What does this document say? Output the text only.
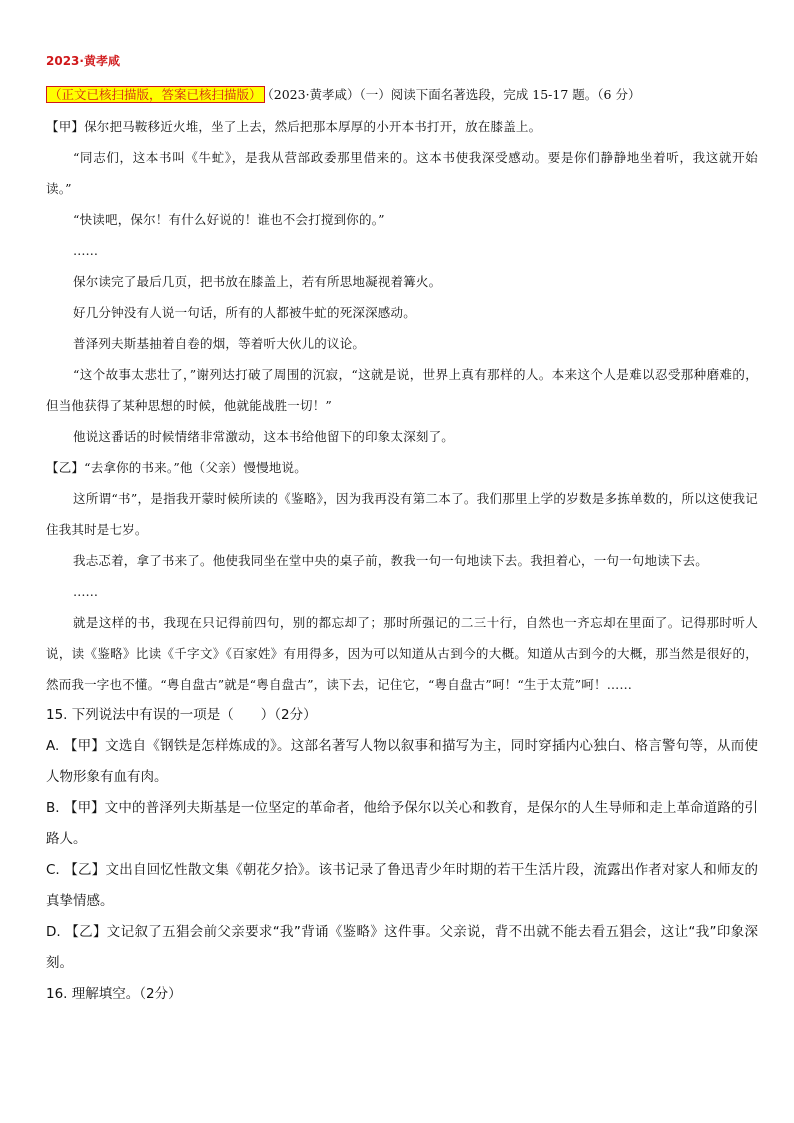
2023·黄孝咸

（正文已核扫描版，答案已核扫描版） （2023·黄孝咸）（一）阅读下面名著选段，完成 15-17 题。（6 分）

【甲】保尔把马鞍移近火堆，坐了上去，然后把那本厚厚的小开本书打开，放在膝盖上。

“同志们，这本书叫《牛虻》，是我从营部政委那里借来的。这本书使我深受感动。要是你们静静地坐着听，我这就开始读。”

“快读吧，保尔！有什么好说的！谁也不会打搅到你的。”

……

保尔读完了最后几页，把书放在膝盖上，若有所思地凝视着篝火。

好几分钟没有人说一句话，所有的人都被牛虻的死深深感动。

普泽列夫斯基抽着自卷的烟，等着听大伙儿的议论。

“这个故事太悲壮了，”谢列达打破了周围的沉寂，“这就是说，世界上真有那样的人。本来这个人是难以忍受那种磨难的，但当他获得了某种思想的时候，他就能战胜一切！”

他说这番话的时候情绪非常激动，这本书给他留下的印象太深刻了。

【乙】“去拿你的书来。”他（父亲）慢慢地说。

这所谓“书”，是指我开蒙时候所读的《鉴略》，因为我再没有第二本了。我们那里上学的岁数是多拣单数的，所以这使我记住我其时是七岁。

我忐忑着，拿了书来了。他使我同坐在堂中央的桌子前，教我一句一句地读下去。我担着心，一句一句地读下去。

……

就是这样的书，我现在只记得前四句，别的都忘却了；那时所强记的二三十行，自然也一齐忘却在里面了。记得那时听人说，读《鉴略》比读《千字文》《百家姓》有用得多，因为可以知道从古到今的大概。知道从古到今的大概，那当然是很好的，然而我一字也不懂。“粤自盘古”就是“粤自盘古”，读下去，记住它，“粤自盘古”呵！“生于太荒”呵！……

15. 下列说法中有误的一项是（　　）（2分）

A. 【甲】文选自《钢铁是怎样炼成的》。这部名著写人物以叙事和描写为主，同时穿插内心独白、格言警句等，从而使人物形象有血有肉。

B. 【甲】文中的普泽列夫斯基是一位坚定的革命者，他给予保尔以关心和教育，是保尔的人生导师和走上革命道路的引路人。

C. 【乙】文出自回忆性散文集《朝花夕拾》。该书记录了鲁迅青少年时期的若干生活片段，流露出作者对家人和师友的真挚情感。

D. 【乙】文记叙了五猖会前父亲要求“我”背诵《鉴略》这件事。父亲说，背不出就不能去看五猖会，这让“我”印象深刻。

16. 理解填空。（2分）
